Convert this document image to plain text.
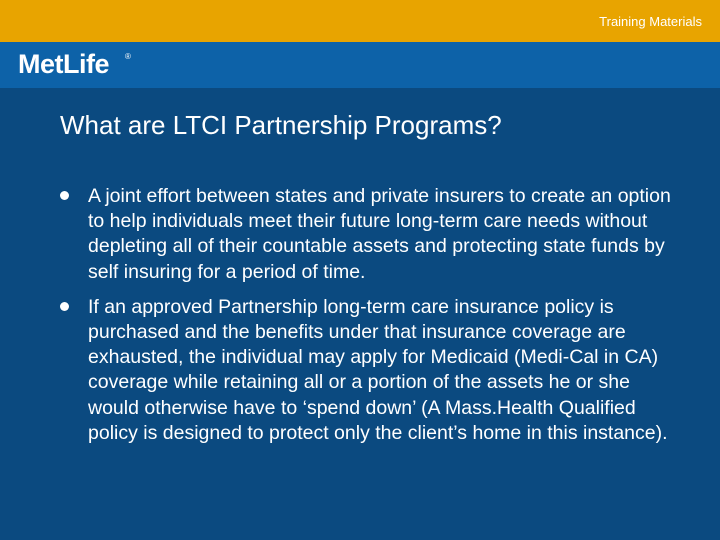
Training Materials
MetLife ®
What are LTCI Partnership Programs?
A joint effort between states and private insurers to create an option to help individuals meet their future long-term care needs without depleting all of their countable assets and protecting state funds by self insuring for a period of time.
If an approved Partnership long-term care insurance policy is purchased and the benefits under that insurance coverage are exhausted, the individual may apply for Medicaid (Medi-Cal in CA) coverage while retaining all or a portion of the assets he or she would otherwise have to ‘spend down’ (A Mass.Health Qualified policy is designed to protect only the client’s home in this instance).
